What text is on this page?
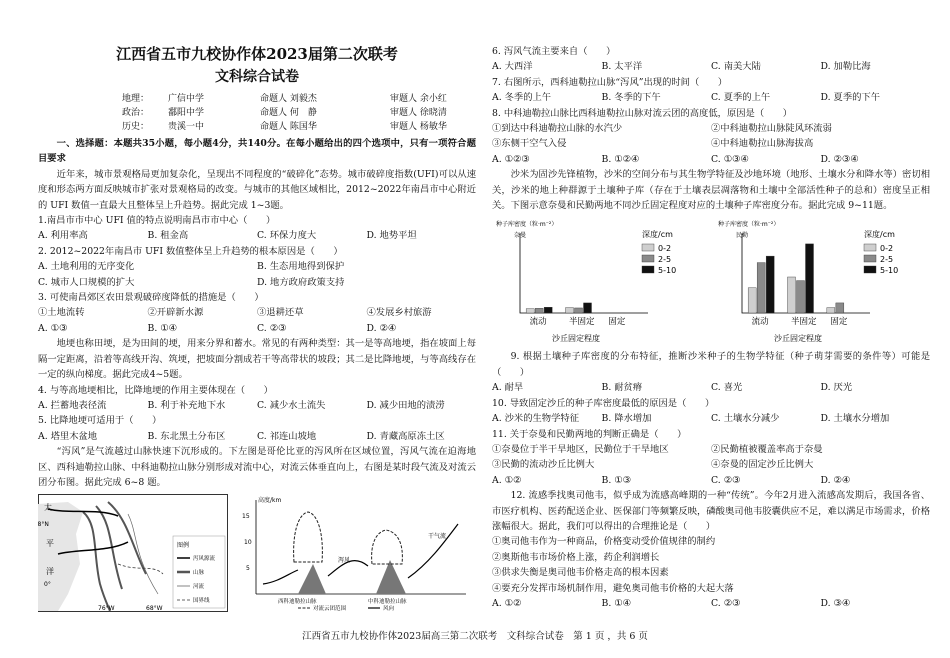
江西省五市九校协作体2023届第二次联考

文科综合试卷

地理：	广信中学	命题人 刘毅杰	审题人 余小红
政治：	鄱阳中学	命题人 何　静	审题人 徐晓清
历史：	贵溪一中	命题人 陈国华	审题人 杨敏华

一、选择题：本题共35小题，每小题4分，共140分。在每小题给出的四个选项中，只有一项符合题目要求

近年来，城市景观格局更加复杂化，呈现出不同程度的“破碎化”态势。城市破碎度指数(UFI)可以从速度和形态两方面反映城市扩张对景观格局的改变。与城市的其他区域相比，2012~2022年南昌市中心附近的 UFI 数值一直最大且整体呈上升趋势。据此完成 1~3题。

1.南昌市市中心 UFI 值的特点说明南昌市市中心（　　）

A. 利用率高	B. 租金高	C. 环保力度大	D. 地势平坦

2. 2012~2022年南昌市 UFI 数值整体呈上升趋势的根本原因是（　　）

A. 土地利用的无序变化	B. 生态用地得到保护
C. 城市人口规模的扩大	D. 地方政府政策支持

3. 可使南昌郊区农田景观破碎度降低的措施是（　　）

①土地流转	②开辟新水源	③退耕还草	④发展乡村旅游
A. ①③	B. ①④	C. ②③	D. ②④

地埂也称田埂，是为田间的埂，用来分界和蓄水。常见的有两种类型：其一是等高地埂，指在坡面上每隔一定距离，沿着等高线开沟、筑埂，把坡面分割成若干等高带状的坡段；其二是比降地埂，与等高线存在一定的纵向梯度。据此完成4~5题。

4. 与等高地埂相比，比降地埂的作用主要体现在（　　）

A. 拦蓄地表径流	B. 利于补充地下水	C. 减少水土流失	D. 减少田地的渍涝

5. 比降地埂可适用于（　　）

A. 塔里木盆地	B. 东北黑土分布区	C. 祁连山坡地	D. 青藏高原冻土区

“泻风”是气流越过山脉快速下沉形成的。下左图是哥伦比亚的泻风所在区域位置，泻风气流在迫海地区、西科迪勒拉山脉、中科迪勒拉山脉分别形成对流中心，对流云体垂直向上，右图是某时段气流及对流云团分布图。据此完成 6~8 题。

太
平
洋
8°N
0°
76°W	68°W
图例
泻风源流
山脉
河流
国界线
高度/km
15
10
5
泻风
干气流
西科迪勒拉山脉	中科迪勒拉山脉
对流云团范围	风向

6. 泻风气流主要来自（　　）

A. 大西洋	B. 太平洋	C. 南美大陆	D. 加勒比海

7. 右图所示，西科迪勒拉山脉“泻风”出现的时间（　　）

A. 冬季的上午	B. 冬季的下午	C. 夏季的上午	D. 夏季的下午

8. 中科迪勒拉山脉比西科迪勒拉山脉对流云团的高度低，原因是（　　）

①到达中科迪勒拉山脉的水汽少	②中科迪勒拉山脉陡风环流弱
③东侧干空气入侵	④中科迪勒拉山脉海拔高
A. ①②③	B. ①②④	C. ①③④	D. ②③④

沙米为固沙先锋植物，沙米的空间分布与其生物学特征及沙地环境（地形、土壤水分和降水等）密切相关，沙米的地上种群源于土壤种子库（存在于土壤表层凋落物和土壤中全部活性种子的总和）密度呈正相关。下图示意奈曼和民勤两地不同沙丘固定程度对应的土壤种子库密度分布。据此完成 9~11题。

种子库密度（粒·m⁻²）
奈曼	深度/cm
沙丘固定程度
流动	半固定 固定
0-2
2-5
5-10
种子库密度（粒·m⁻²）
民勤	深度/cm
沙丘固定程度
流动	半固定 固定
0-2
2-5
5-10

9. 根据土壤种子库密度的分布特征，推断沙米种子的生物学特征（种子萌芽需要的条件等）可能是（　　）

A. 耐旱	B. 耐贫瘠	C. 喜光	D. 厌光

10. 导致固定沙丘的种子库密度最低的原因是（　　）

A. 沙米的生物学特征	B. 降水增加	C. 土壤水分减少	D. 土壤水分增加

11. 关于奈曼和民勤两地的判断正确是（　　）

①奈曼位于半干旱地区，民勤位于干旱地区	②民勤植被覆盖率高于奈曼
③民勤的流动沙丘比例大	④奈曼的固定沙丘比例大
A. ①②	B. ①③	C. ②③	D. ②④

12. 流感季找奥司他韦，似乎成为流感高峰期的一种“传统”。今年2月进入流感高发期后，我国各省、市医疗机构、医药配送企业、医保部门等频繁反映，磷酸奥司他韦胶囊供应不足，难以满足市场需求，价格涨幅很大。据此，我们可以得出的合理推论是（　　）

①奥司他韦作为一种商品，价格变动受价值规律的制约

②奥斯他韦市场价格上涨，药企利润增长

③供求失衡是奥司他韦价格走高的根本因素

④要充分发挥市场机制作用，避免奥司他韦价格的大起大落

A. ①②	B. ①④	C. ②③	D. ③④
江西省五市九校协作体2023届高三第二次联考　文科综合试卷　第 1 页 ，共 6 页
